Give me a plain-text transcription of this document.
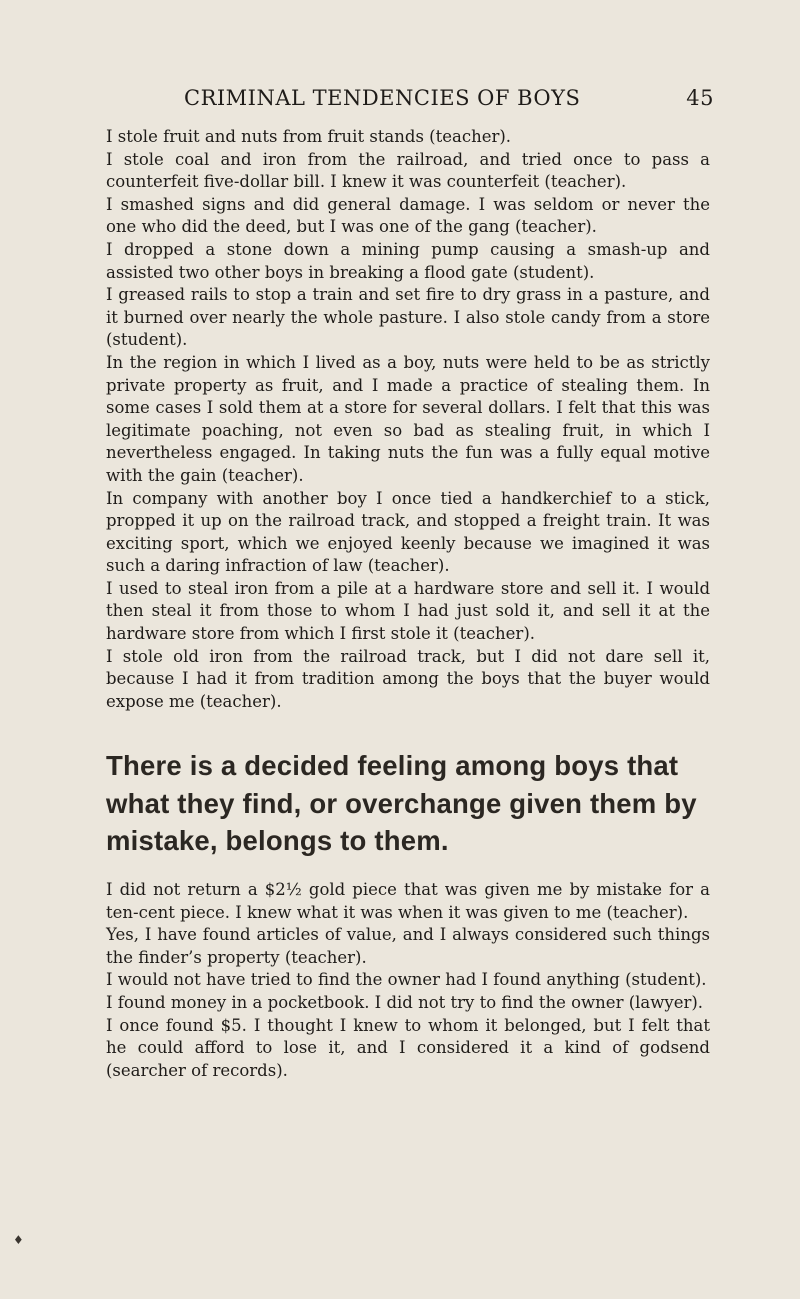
CRIMINAL TENDENCIES OF BOYS	45

I stole fruit and nuts from fruit stands (teacher).

I stole coal and iron from the railroad, and tried once to pass a counterfeit five-dollar bill. I knew it was counterfeit (teacher).

I smashed signs and did general damage. I was seldom or never the one who did the deed, but I was one of the gang (teacher).

I dropped a stone down a mining pump causing a smash-up and assisted two other boys in breaking a flood gate (student).

I greased rails to stop a train and set fire to dry grass in a pasture, and it burned over nearly the whole pasture. I also stole candy from a store (student).

In the region in which I lived as a boy, nuts were held to be as strictly private property as fruit, and I made a practice of stealing them. In some cases I sold them at a store for several dollars. I felt that this was legitimate poaching, not even so bad as stealing fruit, in which I nevertheless engaged. In taking nuts the fun was a fully equal motive with the gain (teacher).

In company with another boy I once tied a handkerchief to a stick, propped it up on the railroad track, and stopped a freight train. It was exciting sport, which we enjoyed keenly because we imagined it was such a daring infraction of law (teacher).

I used to steal iron from a pile at a hardware store and sell it. I would then steal it from those to whom I had just sold it, and sell it at the hardware store from which I first stole it (teacher).

I stole old iron from the railroad track, but I did not dare sell it, because I had it from tradition among the boys that the buyer would expose me (teacher).

There is a decided feeling among boys that what they find, or overchange given them by mistake, belongs to them.

I did not return a $2½ gold piece that was given me by mistake for a ten-cent piece. I knew what it was when it was given to me (teacher).

Yes, I have found articles of value, and I always considered such things the finder’s property (teacher).

I would not have tried to find the owner had I found anything (student).

I found money in a pocketbook. I did not try to find the owner (lawyer).

I once found $5. I thought I knew to whom it belonged, but I felt that he could afford to lose it, and I considered it a kind of godsend (searcher of records).

♦
